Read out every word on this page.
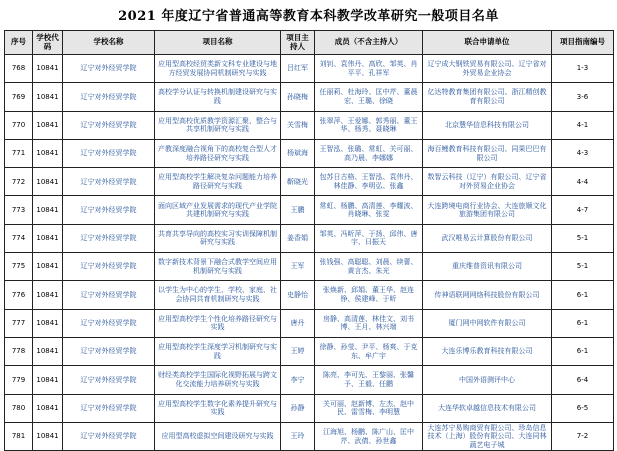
2021 年度辽宁省普通高等教育本科教学改革研究一般项目名单
序号	学校代码	学校名称	项目名称	项目主持人	成员（不含主持人）	联合申请单位	项目指南编号
768	10841	辽宁对外经贸学院	应用型高校经贸类新文科专业建设与地方经贸发展协同机制研究与实践	吕红军	刘钊、袁伟丹、高欣、邹英、肖平平、孔祥军	辽宁成大钢铁贸易有限公司、辽宁省对外贸易企业协会	1-3
769	10841	辽宁对外经贸学院	高校学分认证与转换机制建设研究与实践	孙晓梅	任丽莉、杜海玲、匡中芹、董晨宏、王璐、徐晓	亿达特教育集团有限公司、浙江精创教育有限公司	3-6
770	10841	辽宁对外经贸学院	应用型高校优质教学资源汇聚、整合与共享机制研究与实践	关雪梅	张翠萍、王爱娜、郭秀丽、董王华、杨秀、聂晓琳	北京慧华信息科技有限公司	4-1
771	10841	辽宁对外经贸学院	产教深度融合视角下的高校复合型人才培养路径研究与实践	杨斌海	王智泓、张璐、常虹、关可丽、高乃晨、李娜娜	海百鲤教育科技有限公司、同果巴巴有限公司	4-3
772	10841	辽宁对外经贸学院	应用型高校学生解决复杂问题能力培养路径研究与实践	靳晓光	包苏日古格、王智泓、袁伟丹、林佳静、李明弘、张鑫	数智云科技（辽宁）有限公司、辽宁省对外贸易企业协会	4-4
773	10841	辽宁对外经贸学院	面向区域产业发展需求的现代产业学院共建机制研究与实践	王鹏	常虹、杨鹏、高清莲、李耀波、肖晓琳、张雯	大连跨境电商行业协会、大连旅顺文化旅游集团有限公司	4-7
774	10841	辽宁对外经贸学院	共育共享导向的高校实习实训保障机制研究与实践	姜香娟	邹英、冯昕萍、于扬、邱伟、唐宇、曰振天	武汉唯易云计算股份有限公司	5-1
775	10841	辽宁对外经贸学院	数字新技术背景下融合式教学空间应用机制研究与实践	王军	张钱强、高聪聪、刘晨、续蕾、黄言杰、朱光	重庆维普资讯有限公司	5-1
776	10841	辽宁对外经贸学院	以学生为中心的学生、学校、家庭、社会协同共育机制研究与实践	史静怡	张焕新、邱娟、董王华、赵连铮、侯建峰、于昕	传神语联网网络科技股份有限公司	6-1
777	10841	辽宁对外经贸学院	应用型高校学生个性化培养路径研究与实践	唐丹	房静、高清莲、林佳文、刘书博、王月、林兴端	厦门网中网软件有限公司	6-1
778	10841	辽宁对外经贸学院	应用型高校学生深度学习机制研究与实践	王婷	徐静、孙莹、尹平、杨爽、于克东、牟广宇	大连乐博乐教育科技有限公司	6-1
779	10841	辽宁对外经贸学院	财经类高校学生国际化视野拓展与跨文化交流能力培养研究与实践	李宁	陈亮、李可先、王黎丽、张馨予、王毅、任鹏	中国外语测评中心	6-4
780	10841	辽宁对外经贸学院	应用型高校学生数字化素养提升研究与实践	孙静	关可丽、赵新博、左杰、赵中民、雷雪梅、李明慧	大连华软卓越信息技术有限公司	6-5
781	10841	辽宁对外经贸学院	应用型高校虚拟空间建设研究与实践	王玲	江海旭、杨鹏、陈广山、匡中芹、武倩、孙世鑫	大连苏宁易购商贸有限公司、珍岛信息技术（上海）股份有限公司、大连同林蔬艺电子城	7-2
